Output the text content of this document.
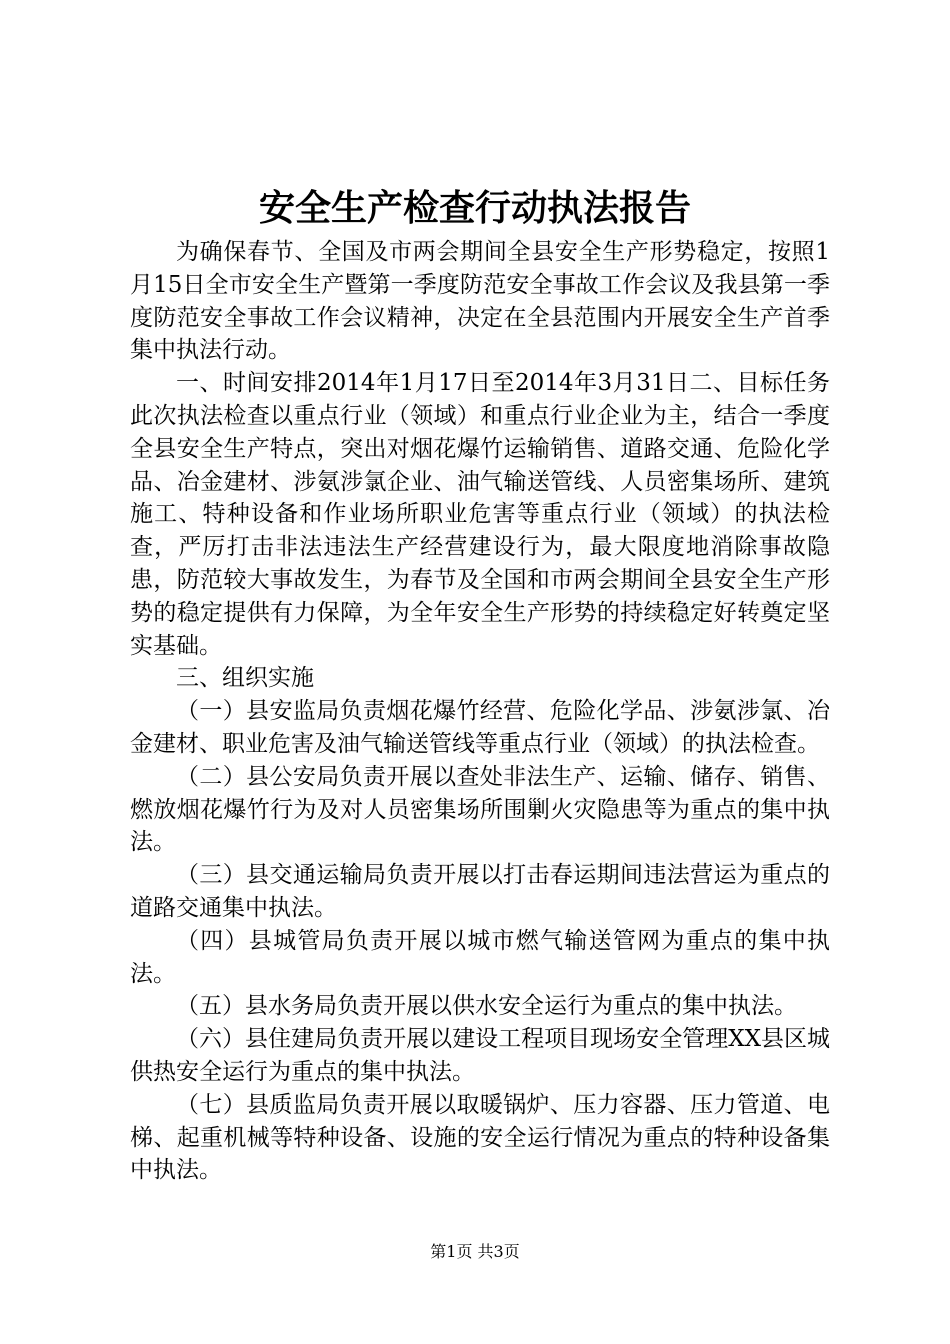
安全生产检查行动执法报告

为确保春节、全国及市两会期间全县安全生产形势稳定，按照1月15日全市安全生产暨第一季度防范安全事故工作会议及我县第一季度防范安全事故工作会议精神，决定在全县范围内开展安全生产首季集中执法行动。

一、时间安排2014年1月17日至2014年3月31日二、目标任务此次执法检查以重点行业（领域）和重点行业企业为主，结合一季度全县安全生产特点，突出对烟花爆竹运输销售、道路交通、危险化学品、冶金建材、涉氨涉氯企业、油气输送管线、人员密集场所、建筑施工、特种设备和作业场所职业危害等重点行业（领域）的执法检查，严厉打击非法违法生产经营建设行为，最大限度地消除事故隐患，防范较大事故发生，为春节及全国和市两会期间全县安全生产形势的稳定提供有力保障，为全年安全生产形势的持续稳定好转奠定坚实基础。

三、组织实施

（一）县安监局负责烟花爆竹经营、危险化学品、涉氨涉氯、冶金建材、职业危害及油气输送管线等重点行业（领域）的执法检查。

（二）县公安局负责开展以查处非法生产、运输、储存、销售、燃放烟花爆竹行为及对人员密集场所围剿火灾隐患等为重点的集中执法。

（三）县交通运输局负责开展以打击春运期间违法营运为重点的道路交通集中执法。

（四）县城管局负责开展以城市燃气输送管网为重点的集中执法。

（五）县水务局负责开展以供水安全运行为重点的集中执法。

（六）县住建局负责开展以建设工程项目现场安全管理XX县区城供热安全运行为重点的集中执法。

（七）县质监局负责开展以取暖锅炉、压力容器、压力管道、电梯、起重机械等特种设备、设施的安全运行情况为重点的特种设备集中执法。

第1页 共3页
